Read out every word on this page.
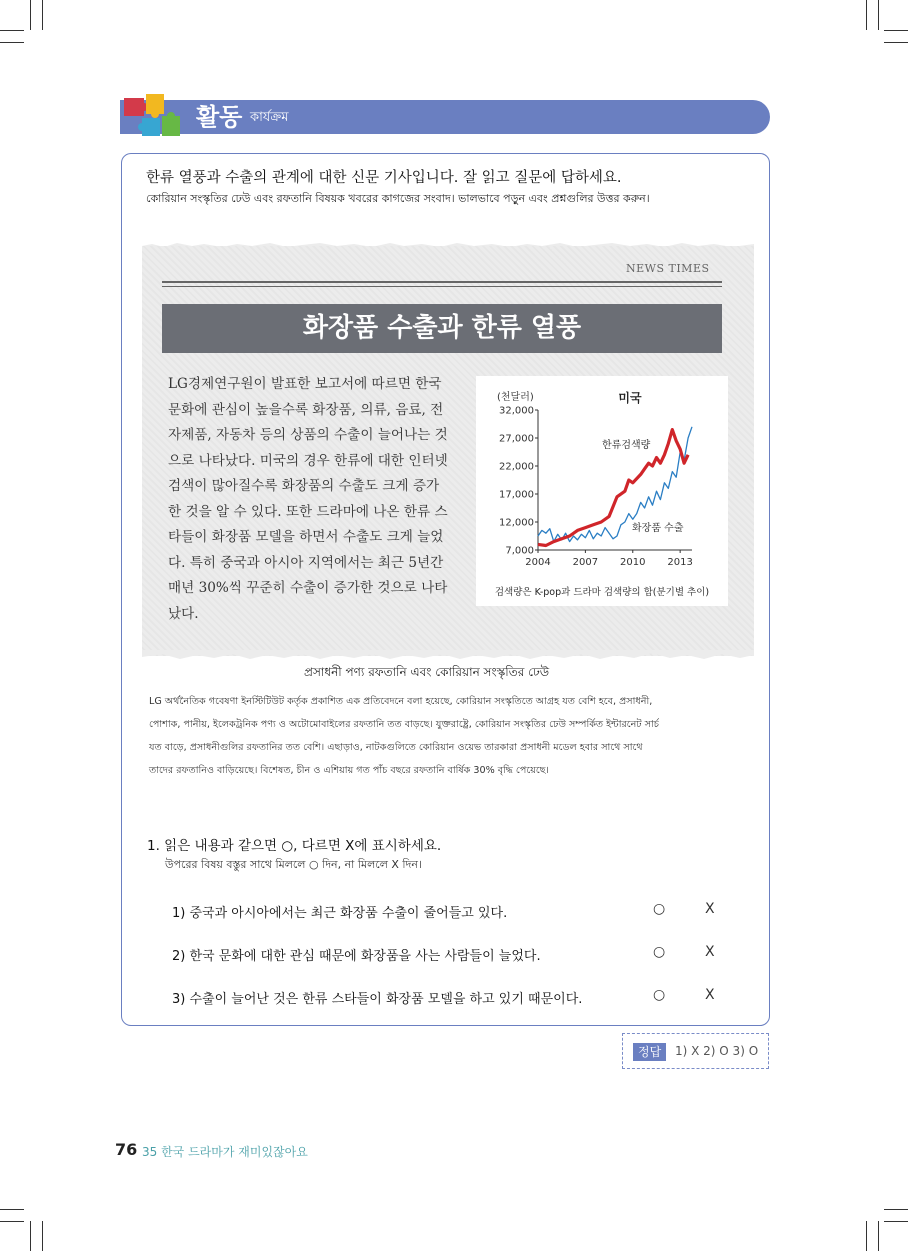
활동 কার্যক্রম
한류 열풍과 수출의 관계에 대한 신문 기사입니다. 잘 읽고 질문에 답하세요.
কোরিয়ান সংস্কৃতির ঢেউ এবং রফতানি বিষয়ক খবরের কাগজের সংবাদ। ভালভাবে পড়ুন এবং প্রশ্নগুলির উত্তর করুন।
NEWS TIMES
화장품 수출과 한류 열풍
LG경제연구원이 발표한 보고서에 따르면 한국
문화에 관심이 높을수록 화장품, 의류, 음료, 전
자제품, 자동차 등의 상품의 수출이 늘어나는 것
으로 나타났다. 미국의 경우 한류에 대한 인터넷
검색이 많아질수록 화장품의 수출도 크게 증가
한 것을 알 수 있다. 또한 드라마에 나온 한류 스
타들이 화장품 모델을 하면서 수출도 크게 늘었
다. 특히 중국과 아시아 지역에서는 최근 5년간
매년 30%씩 꾸준히 수출이 증가한 것으로 나타
났다.
32,000
27,000
22,000
17,000
12,000
7,000
2004 2007 2010 2013
(천달러)	미국
한류검색량
화장품 수출
검색량은 K-pop과 드라마 검색량의 합(분기별 추이)
প্রসাধনী পণ্য রফতানি এবং কোরিয়ান সংস্কৃতির ঢেউ
LG অর্থনৈতিক গবেষণা ইনস্টিটিউট কর্তৃক প্রকাশিত এক প্রতিবেদনে বলা হয়েছে, কোরিয়ান সংস্কৃতিতে আগ্রহ যত বেশি হবে, প্রসাধনী,
পোশাক, পানীয়, ইলেকট্রনিক পণ্য ও অটোমোবাইলের রফতানি তত বাড়ছে। যুক্তরাষ্ট্রে, কোরিয়ান সংস্কৃতির ঢেউ সম্পর্কিত ইন্টারনেট সার্চ
যত বাড়ে, প্রসাধনীগুলির রফতানির তত বেশি। এছাড়াও, নাটকগুলিতে কোরিয়ান ওয়েভ তারকারা প্রসাধনী মডেল হবার সাথে সাথে
তাদের রফতানিও বাড়িয়েছে। বিশেষত, চীন ও এশিয়ায় গত পাঁচ বছরে রফতানি বার্ষিক 30% বৃদ্ধি পেয়েছে।
1. 읽은 내용과 같으면 ○, 다르면 X에 표시하세요.
উপরের বিষয় বস্তুর সাথে মিললে ○ দিন, না মিললে X দিন।
1) 중국과 아시아에서는 최근 화장품 수출이 줄어들고 있다.	○	X
2) 한국 문화에 대한 관심 때문에 화장품을 사는 사람들이 늘었다.	○	X
3) 수출이 늘어난 것은 한류 스타들이 화장품 모델을 하고 있기 때문이다.	○	X
정답	1) X 2) O 3) O
76 35 한국 드라마가 재미있잖아요
